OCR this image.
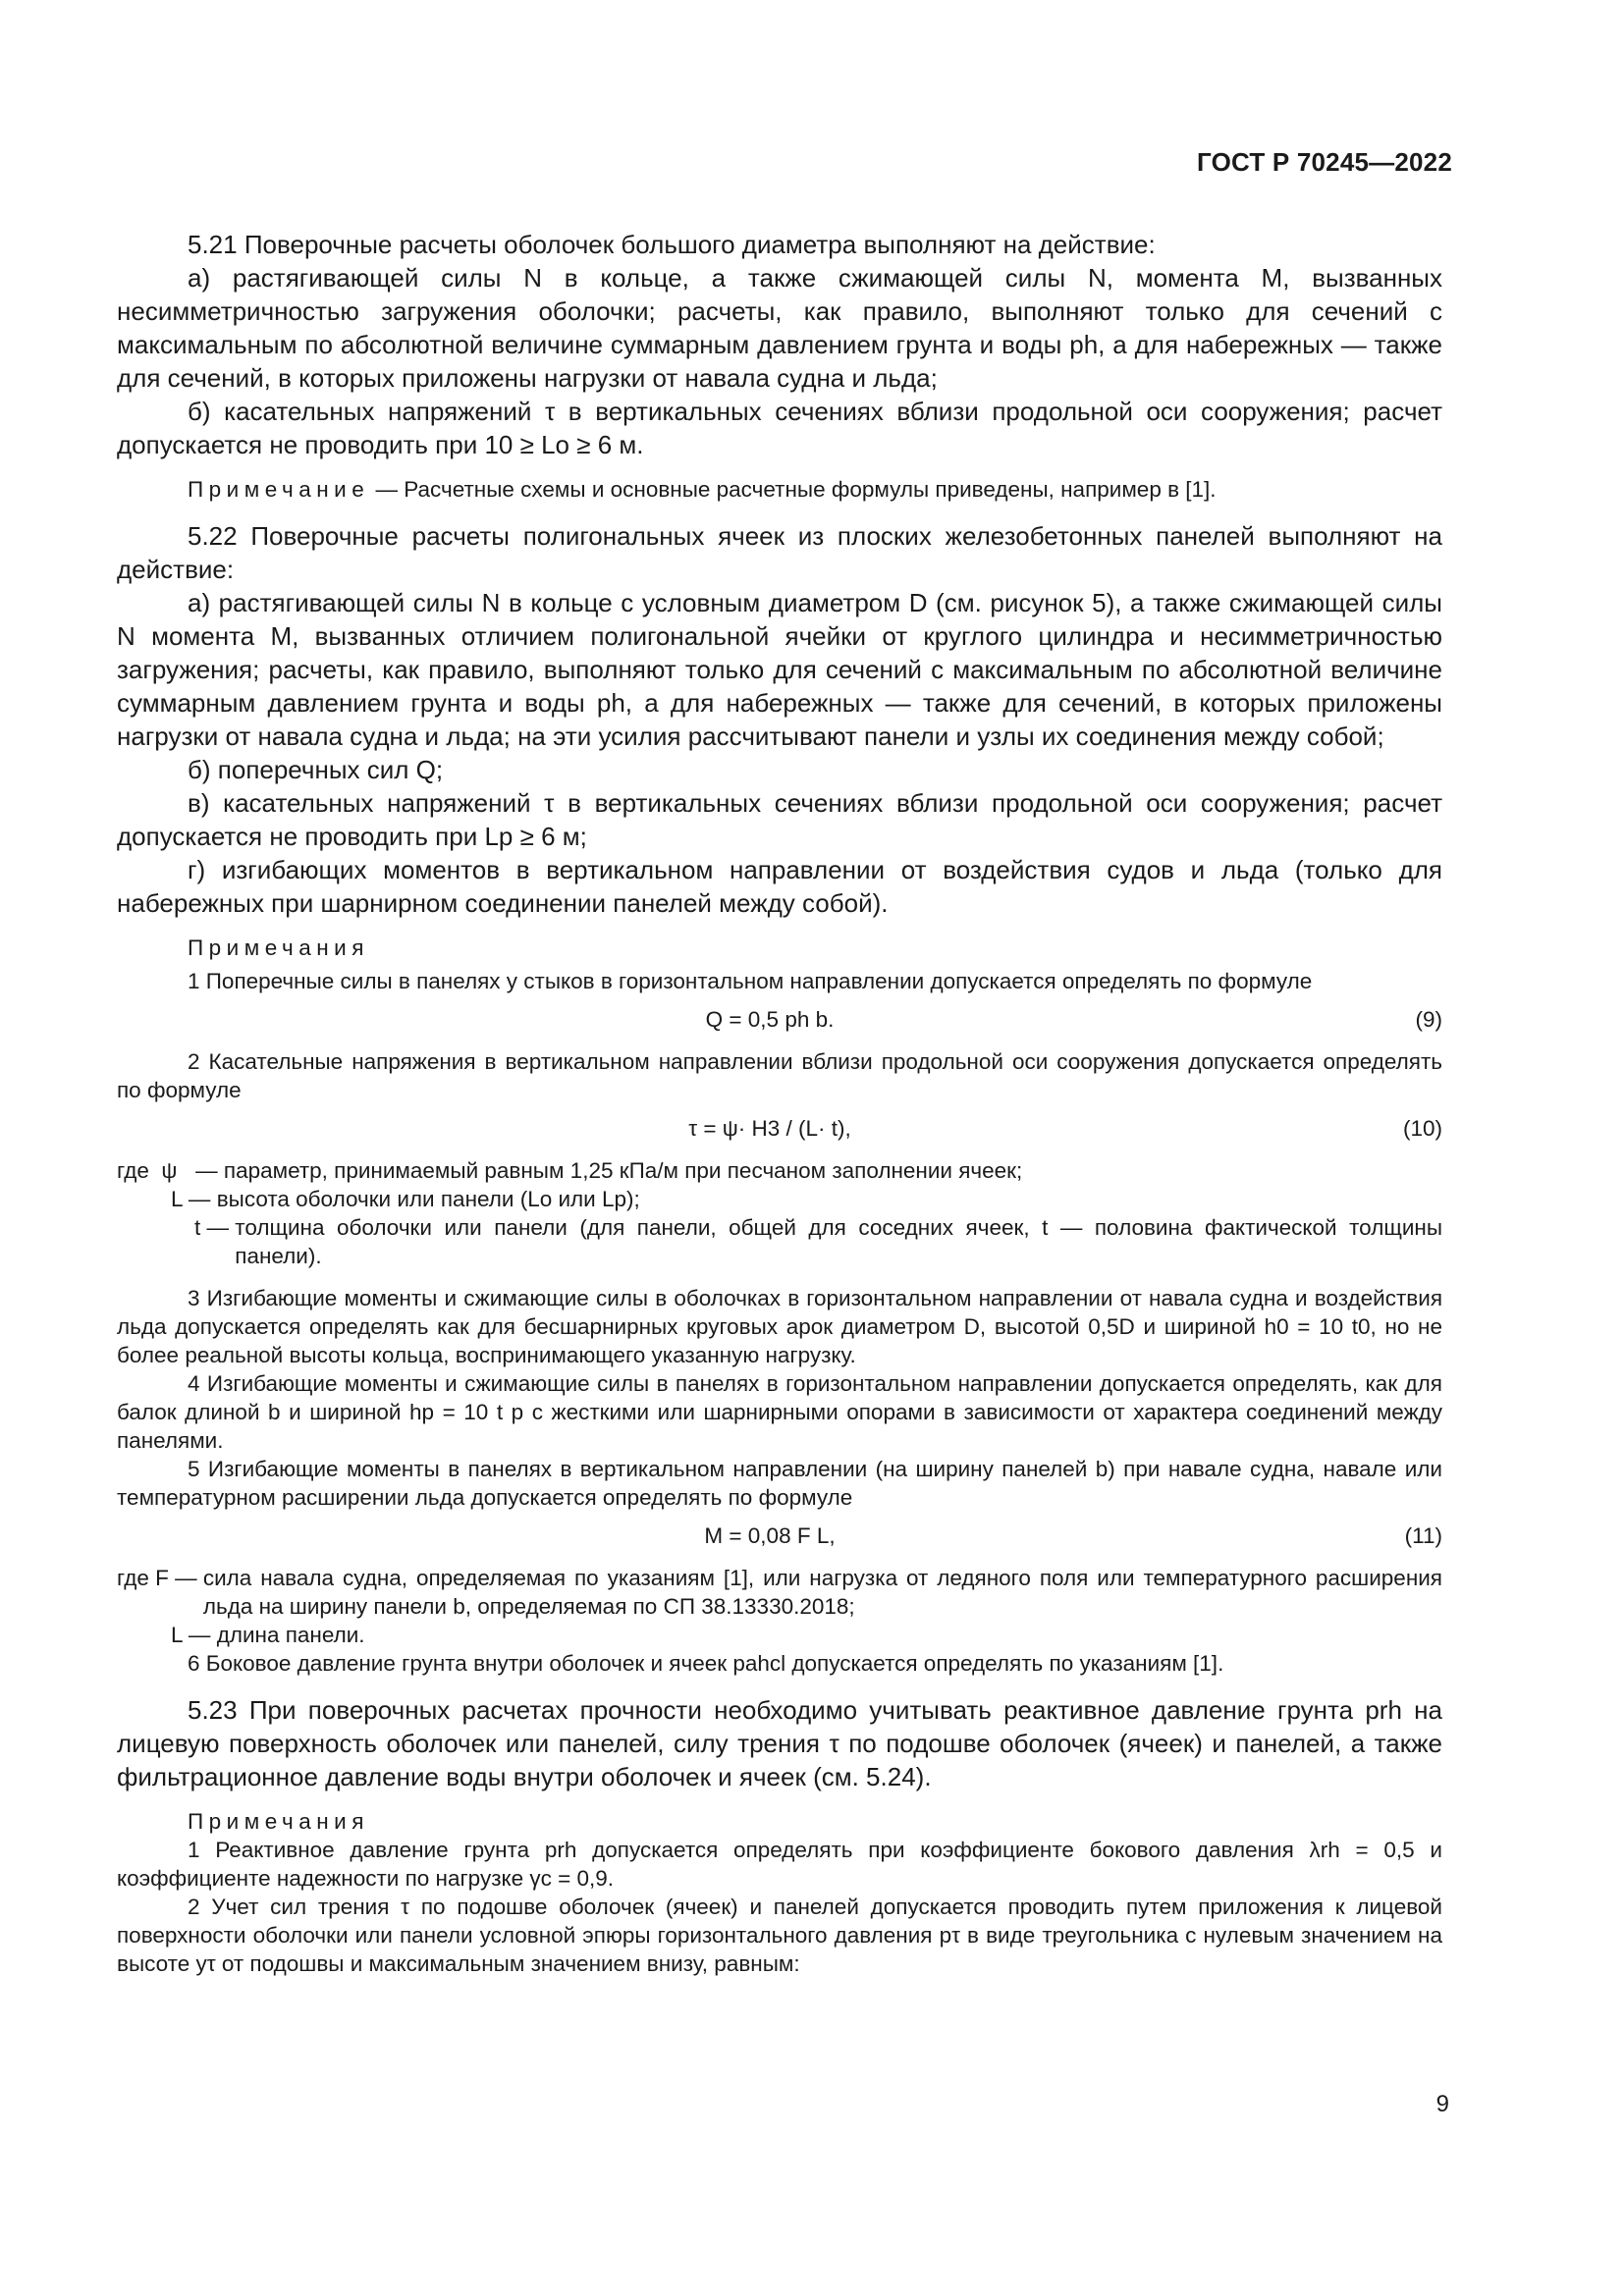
ГОСТ Р 70245—2022

5.21 Поверочные расчеты оболочек большого диаметра выполняют на действие:

а) растягивающей силы N в кольце, а также сжимающей силы N, момента M, вызванных несимметричностью загружения оболочки; расчеты, как правило, выполняют только для сечений с максимальным по абсолютной величине суммарным давлением грунта и воды ph, а для набережных — также для сечений, в которых приложены нагрузки от навала судна и льда;

б) касательных напряжений τ в вертикальных сечениях вблизи продольной оси сооружения; расчет допускается не проводить при 10 ≥ Lo ≥ 6 м.

Примечание — Расчетные схемы и основные расчетные формулы приведены, например в [1].

5.22 Поверочные расчеты полигональных ячеек из плоских железобетонных панелей выполняют на действие:

а) растягивающей силы N в кольце с условным диаметром D (см. рисунок 5), а также сжимающей силы N момента M, вызванных отличием полигональной ячейки от круглого цилиндра и несимметричностью загружения; расчеты, как правило, выполняют только для сечений с максимальным по абсолютной величине суммарным давлением грунта и воды ph, а для набережных — также для сечений, в которых приложены нагрузки от навала судна и льда; на эти усилия рассчитывают панели и узлы их соединения между собой;

б) поперечных сил Q;

в) касательных напряжений τ в вертикальных сечениях вблизи продольной оси сооружения; расчет допускается не проводить при Lp ≥ 6 м;

г) изгибающих моментов в вертикальном направлении от воздействия судов и льда (только для набережных при шарнирном соединении панелей между собой).

Примечания

1 Поперечные силы в панелях у стыков в горизонтальном направлении допускается определять по формуле

Q = 0,5 ph b.	(9)

2 Касательные напряжения в вертикальном направлении вблизи продольной оси сооружения допускается определять по формуле

τ = ψ· H3 / (L· t),	(10)
где  ψ   — параметр, принимаемый равным 1,25 кПа/м при песчаном заполнении ячеек;
L — высота оболочки или панели (Lo или Lp);
t — толщина оболочки или панели (для панели, общей для соседних ячеек, t — половина фактической толщины панели).

3 Изгибающие моменты и сжимающие силы в оболочках в горизонтальном направлении от навала судна и воздействия льда допускается определять как для бесшарнирных круговых арок диаметром D, высотой 0,5D и шириной h0 = 10 t0, но не более реальной высоты кольца, воспринимающего указанную нагрузку.

4 Изгибающие моменты и сжимающие силы в панелях в горизонтальном направлении допускается определять, как для балок длиной b и шириной hp = 10 t p с жесткими или шарнирными опорами в зависимости от характера соединений между панелями.

5 Изгибающие моменты в панелях в вертикальном направлении (на ширину панелей b) при навале судна, навале или температурном расширении льда допускается определять по формуле

M = 0,08 F L,	(11)
где F — сила навала судна, определяемая по указаниям [1], или нагрузка от ледяного поля или температурного расширения льда на ширину панели b, определяемая по СП 38.13330.2018;
L — длина панели.

6 Боковое давление грунта внутри оболочек и ячеек pahcl допускается определять по указаниям [1].

5.23 При поверочных расчетах прочности необходимо учитывать реактивное давление грунта prh на лицевую поверхность оболочек или панелей, силу трения τ по подошве оболочек (ячеек) и панелей, а также фильтрационное давление воды внутри оболочек и ячеек (см. 5.24).

Примечания

1 Реактивное давление грунта prh допускается определять при коэффициенте бокового давления λrh = 0,5 и коэффициенте надежности по нагрузке γc = 0,9.

2 Учет сил трения τ по подошве оболочек (ячеек) и панелей допускается проводить путем приложения к лицевой поверхности оболочки или панели условной эпюры горизонтального давления pτ в виде треугольника с нулевым значением на высоте yτ от подошвы и максимальным значением внизу, равным:

9
